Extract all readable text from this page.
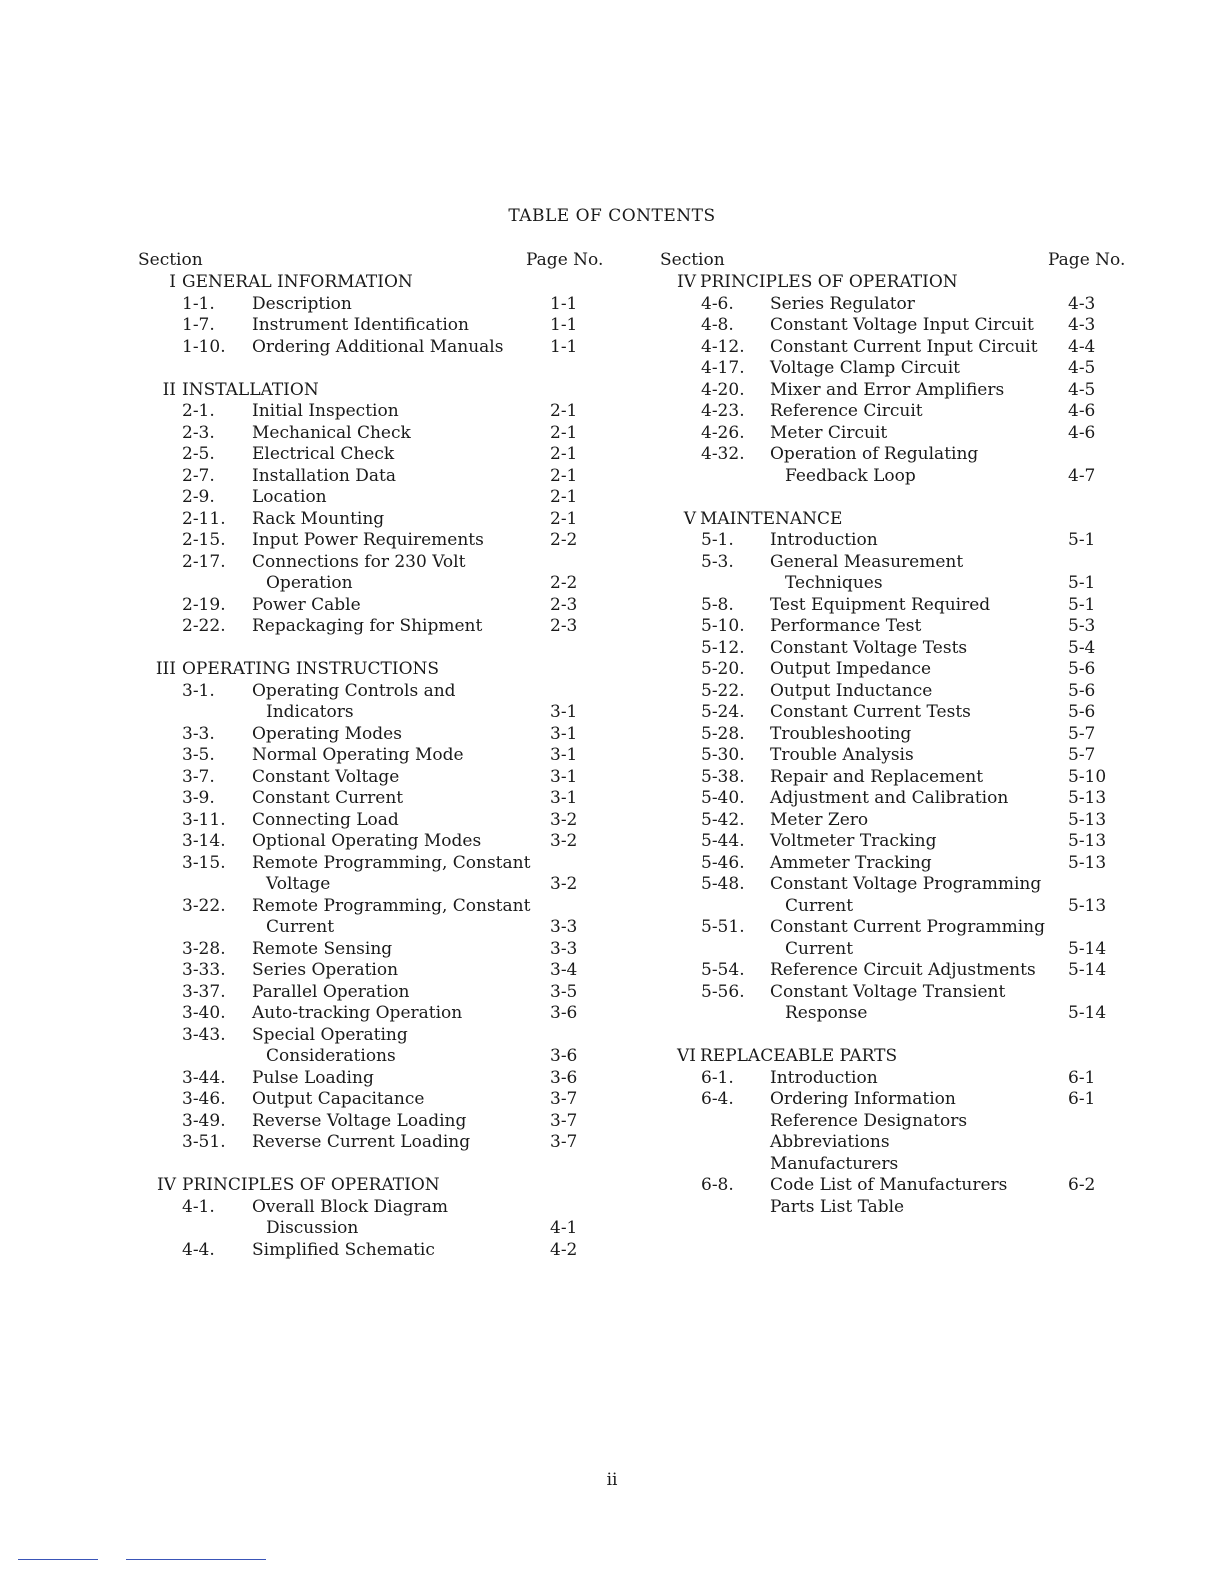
TABLE OF CONTENTS
Section	Page No.	Section	Page No.
I GENERAL INFORMATION
1-1. Description	1-1
1-7. Instrument Identification	1-1
1-10. Ordering Additional Manuals	1-1
II INSTALLATION
2-1. Initial Inspection	2-1
2-3. Mechanical Check	2-1
2-5. Electrical Check	2-1
2-7. Installation Data	2-1
2-9. Location	2-1
2-11. Rack Mounting	2-1
2-15. Input Power Requirements	2-2
2-17. Connections for 230 Volt
Operation	2-2
2-19. Power Cable	2-3
2-22. Repackaging for Shipment	2-3
III OPERATING INSTRUCTIONS
3-1. Operating Controls and
Indicators	3-1
3-3. Operating Modes	3-1
3-5. Normal Operating Mode	3-1
3-7. Constant Voltage	3-1
3-9. Constant Current	3-1
3-11. Connecting Load	3-2
3-14. Optional Operating Modes	3-2
3-15. Remote Programming, Constant
Voltage	3-2
3-22. Remote Programming, Constant
Current	3-3
3-28. Remote Sensing	3-3
3-33. Series Operation	3-4
3-37. Parallel Operation	3-5
3-40. Auto-tracking Operation	3-6
3-43. Special Operating
Considerations	3-6
3-44. Pulse Loading	3-6
3-46. Output Capacitance	3-7
3-49. Reverse Voltage Loading	3-7
3-51. Reverse Current Loading	3-7
IV PRINCIPLES OF OPERATION
4-1. Overall Block Diagram
Discussion	4-1
4-4. Simplified Schematic	4-2
IV PRINCIPLES OF OPERATION
4-6. Series Regulator	4-3
4-8. Constant Voltage Input Circuit 4-3
4-12. Constant Current Input Circuit 4-4
4-17. Voltage Clamp Circuit	4-5
4-20. Mixer and Error Amplifiers	4-5
4-23. Reference Circuit	4-6
4-26. Meter Circuit	4-6
4-32. Operation of Regulating
Feedback Loop	4-7
V MAINTENANCE
5-1. Introduction	5-1
5-3. General Measurement
Techniques	5-1
5-8. Test Equipment Required	5-1
5-10. Performance Test	5-3
5-12. Constant Voltage Tests	5-4
5-20. Output Impedance	5-6
5-22. Output Inductance	5-6
5-24. Constant Current Tests	5-6
5-28. Troubleshooting	5-7
5-30. Trouble Analysis	5-7
5-38. Repair and Replacement	5-10
5-40. Adjustment and Calibration	5-13
5-42. Meter Zero	5-13
5-44. Voltmeter Tracking	5-13
5-46. Ammeter Tracking	5-13
5-48. Constant Voltage Programming
Current	5-13
5-51. Constant Current Programming
Current	5-14
5-54. Reference Circuit Adjustments 5-14
5-56. Constant Voltage Transient
Response	5-14
VI REPLACEABLE PARTS
6-1. Introduction	6-1
6-4. Ordering Information	6-1
Reference Designators
Abbreviations
Manufacturers
6-8. Code List of Manufacturers	6-2
Parts List Table
ii
